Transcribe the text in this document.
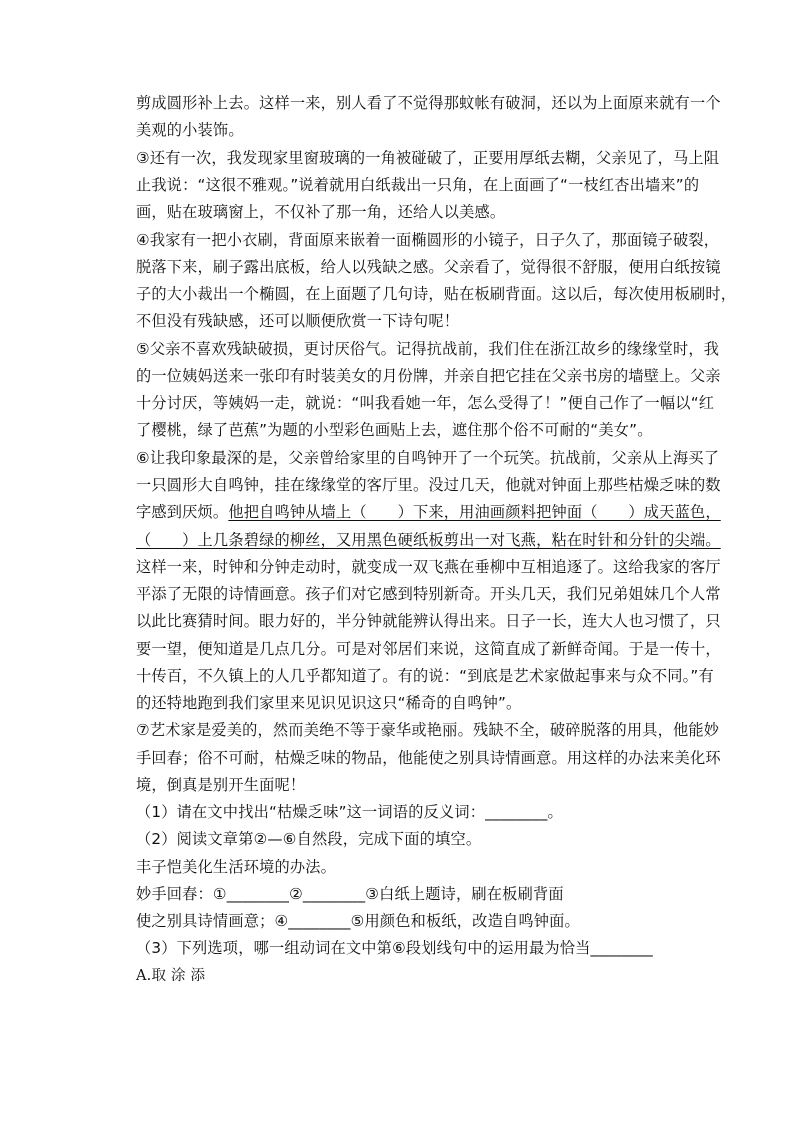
剪成圆形补上去。这样一来，别人看了不觉得那蚊帐有破洞，还以为上面原来就有一个
美观的小装饰。
③还有一次，我发现家里窗玻璃的一角被碰破了，正要用厚纸去糊，父亲见了，马上阻
止我说：“这很不雅观。”说着就用白纸裁出一只角，在上面画了“一枝红杏出墙来”的
画，贴在玻璃窗上，不仅补了那一角，还给人以美感。
④我家有一把小衣刷，背面原来嵌着一面椭圆形的小镜子，日子久了，那面镜子破裂，
脱落下来，刷子露出底板，给人以残缺之感。父亲看了，觉得很不舒服，便用白纸按镜
子的大小裁出一个椭圆，在上面题了几句诗，贴在板刷背面。这以后，每次使用板刷时，
不但没有残缺感，还可以顺便欣赏一下诗句呢！
⑤父亲不喜欢残缺破损，更讨厌俗气。记得抗战前，我们住在浙江故乡的缘缘堂时，我
的一位姨妈送来一张印有时装美女的月份牌，并亲自把它挂在父亲书房的墙壁上。父亲
十分讨厌，等姨妈一走，就说：“叫我看她一年，怎么受得了！”便自己作了一幅以“红
了樱桃，绿了芭蕉”为题的小型彩色画贴上去，遮住那个俗不可耐的“美女”。
⑥让我印象最深的是，父亲曾给家里的自鸣钟开了一个玩笑。抗战前，父亲从上海买了
一只圆形大自鸣钟，挂在缘缘堂的客厅里。没过几天，他就对钟面上那些枯燥乏味的数
字感到厌烦。他把自鸣钟从墙上（　　）下来，用油画颜料把钟面（　　）成天蓝色，
（　　）上几条碧绿的柳丝，又用黑色硬纸板剪出一对飞燕，粘在时针和分针的尖端。
这样一来，时钟和分钟走动时，就变成一双飞燕在垂柳中互相追逐了。这给我家的客厅
平添了无限的诗情画意。孩子们对它感到特别新奇。开头几天，我们兄弟姐妹几个人常
以此比赛猜时间。眼力好的，半分钟就能辨认得出来。日子一长，连大人也习惯了，只
要一望，便知道是几点几分。可是对邻居们来说，这简直成了新鲜奇闻。于是一传十，
十传百，不久镇上的人几乎都知道了。有的说：“到底是艺术家做起事来与众不同。”有
的还特地跑到我们家里来见识见识这只“稀奇的自鸣钟”。
⑦艺术家是爱美的，然而美绝不等于豪华或艳丽。残缺不全，破碎脱落的用具，他能妙
手回春；俗不可耐，枯燥乏味的物品，他能使之别具诗情画意。用这样的办法来美化环
境，倒真是别开生面呢！
（1）请在文中找出“枯燥乏味”这一词语的反义词：________。
（2）阅读文章第②—⑥自然段，完成下面的填空。
丰子恺美化生活环境的办法。
妙手回春：①________②________③白纸上题诗，刷在板刷背面
使之别具诗情画意；④________⑤用颜色和板纸，改造自鸣钟面。
（3）下列选项，哪一组动词在文中第⑥段划线句中的运用最为恰当________
A.取 涂 添
